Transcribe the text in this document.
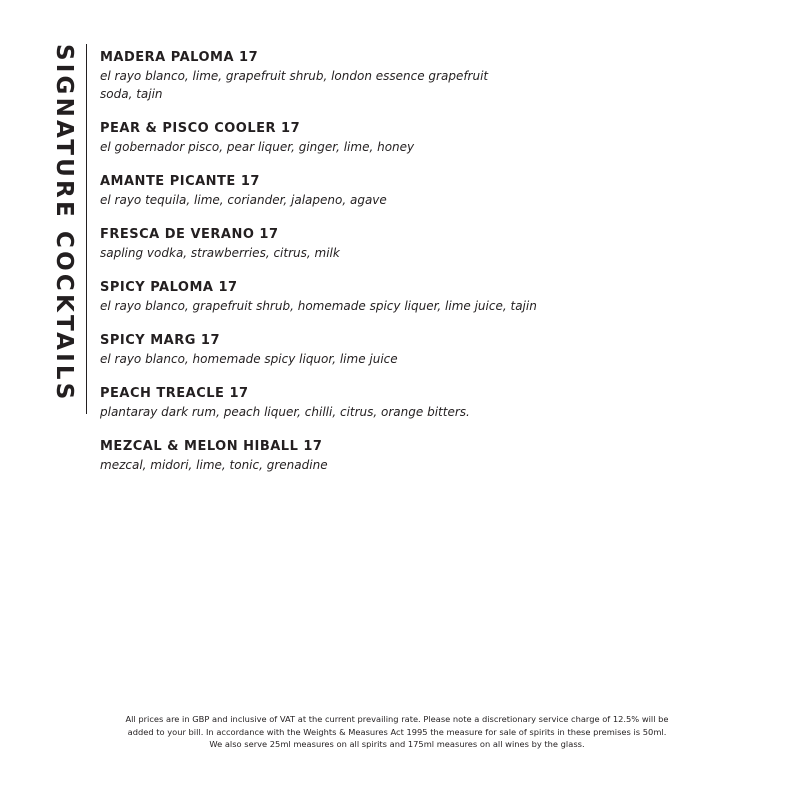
SIGNATURE COCKTAILS MADERA PALOMA 17
el rayo blanco, lime, grapefruit shrub, london essence grapefruit soda, tajin
PEAR & PISCO COOLER 17
el gobernador pisco, pear liquer, ginger, lime, honey
AMANTE PICANTE 17
el rayo tequila, lime, coriander, jalapeno, agave
FRESCA DE VERANO 17
sapling vodka, strawberries, citrus, milk
SPICY PALOMA 17
el rayo blanco, grapefruit shrub, homemade spicy liquer, lime juice, tajin
SPICY MARG 17
el rayo blanco, homemade spicy liquor, lime juice
PEACH TREACLE 17
plantaray dark rum, peach liquer, chilli, citrus, orange bitters.
MEZCAL & MELON HIBALL 17
mezcal, midori, lime, tonic, grenadine

All prices are in GBP and inclusive of VAT at the current prevailing rate. Please note a discretionary service charge of 12.5% will be

added to your bill. In accordance with the Weights & Measures Act 1995 the measure for sale of spirits in these premises is 50ml.

We also serve 25ml measures on all spirits and 175ml measures on all wines by the glass.
